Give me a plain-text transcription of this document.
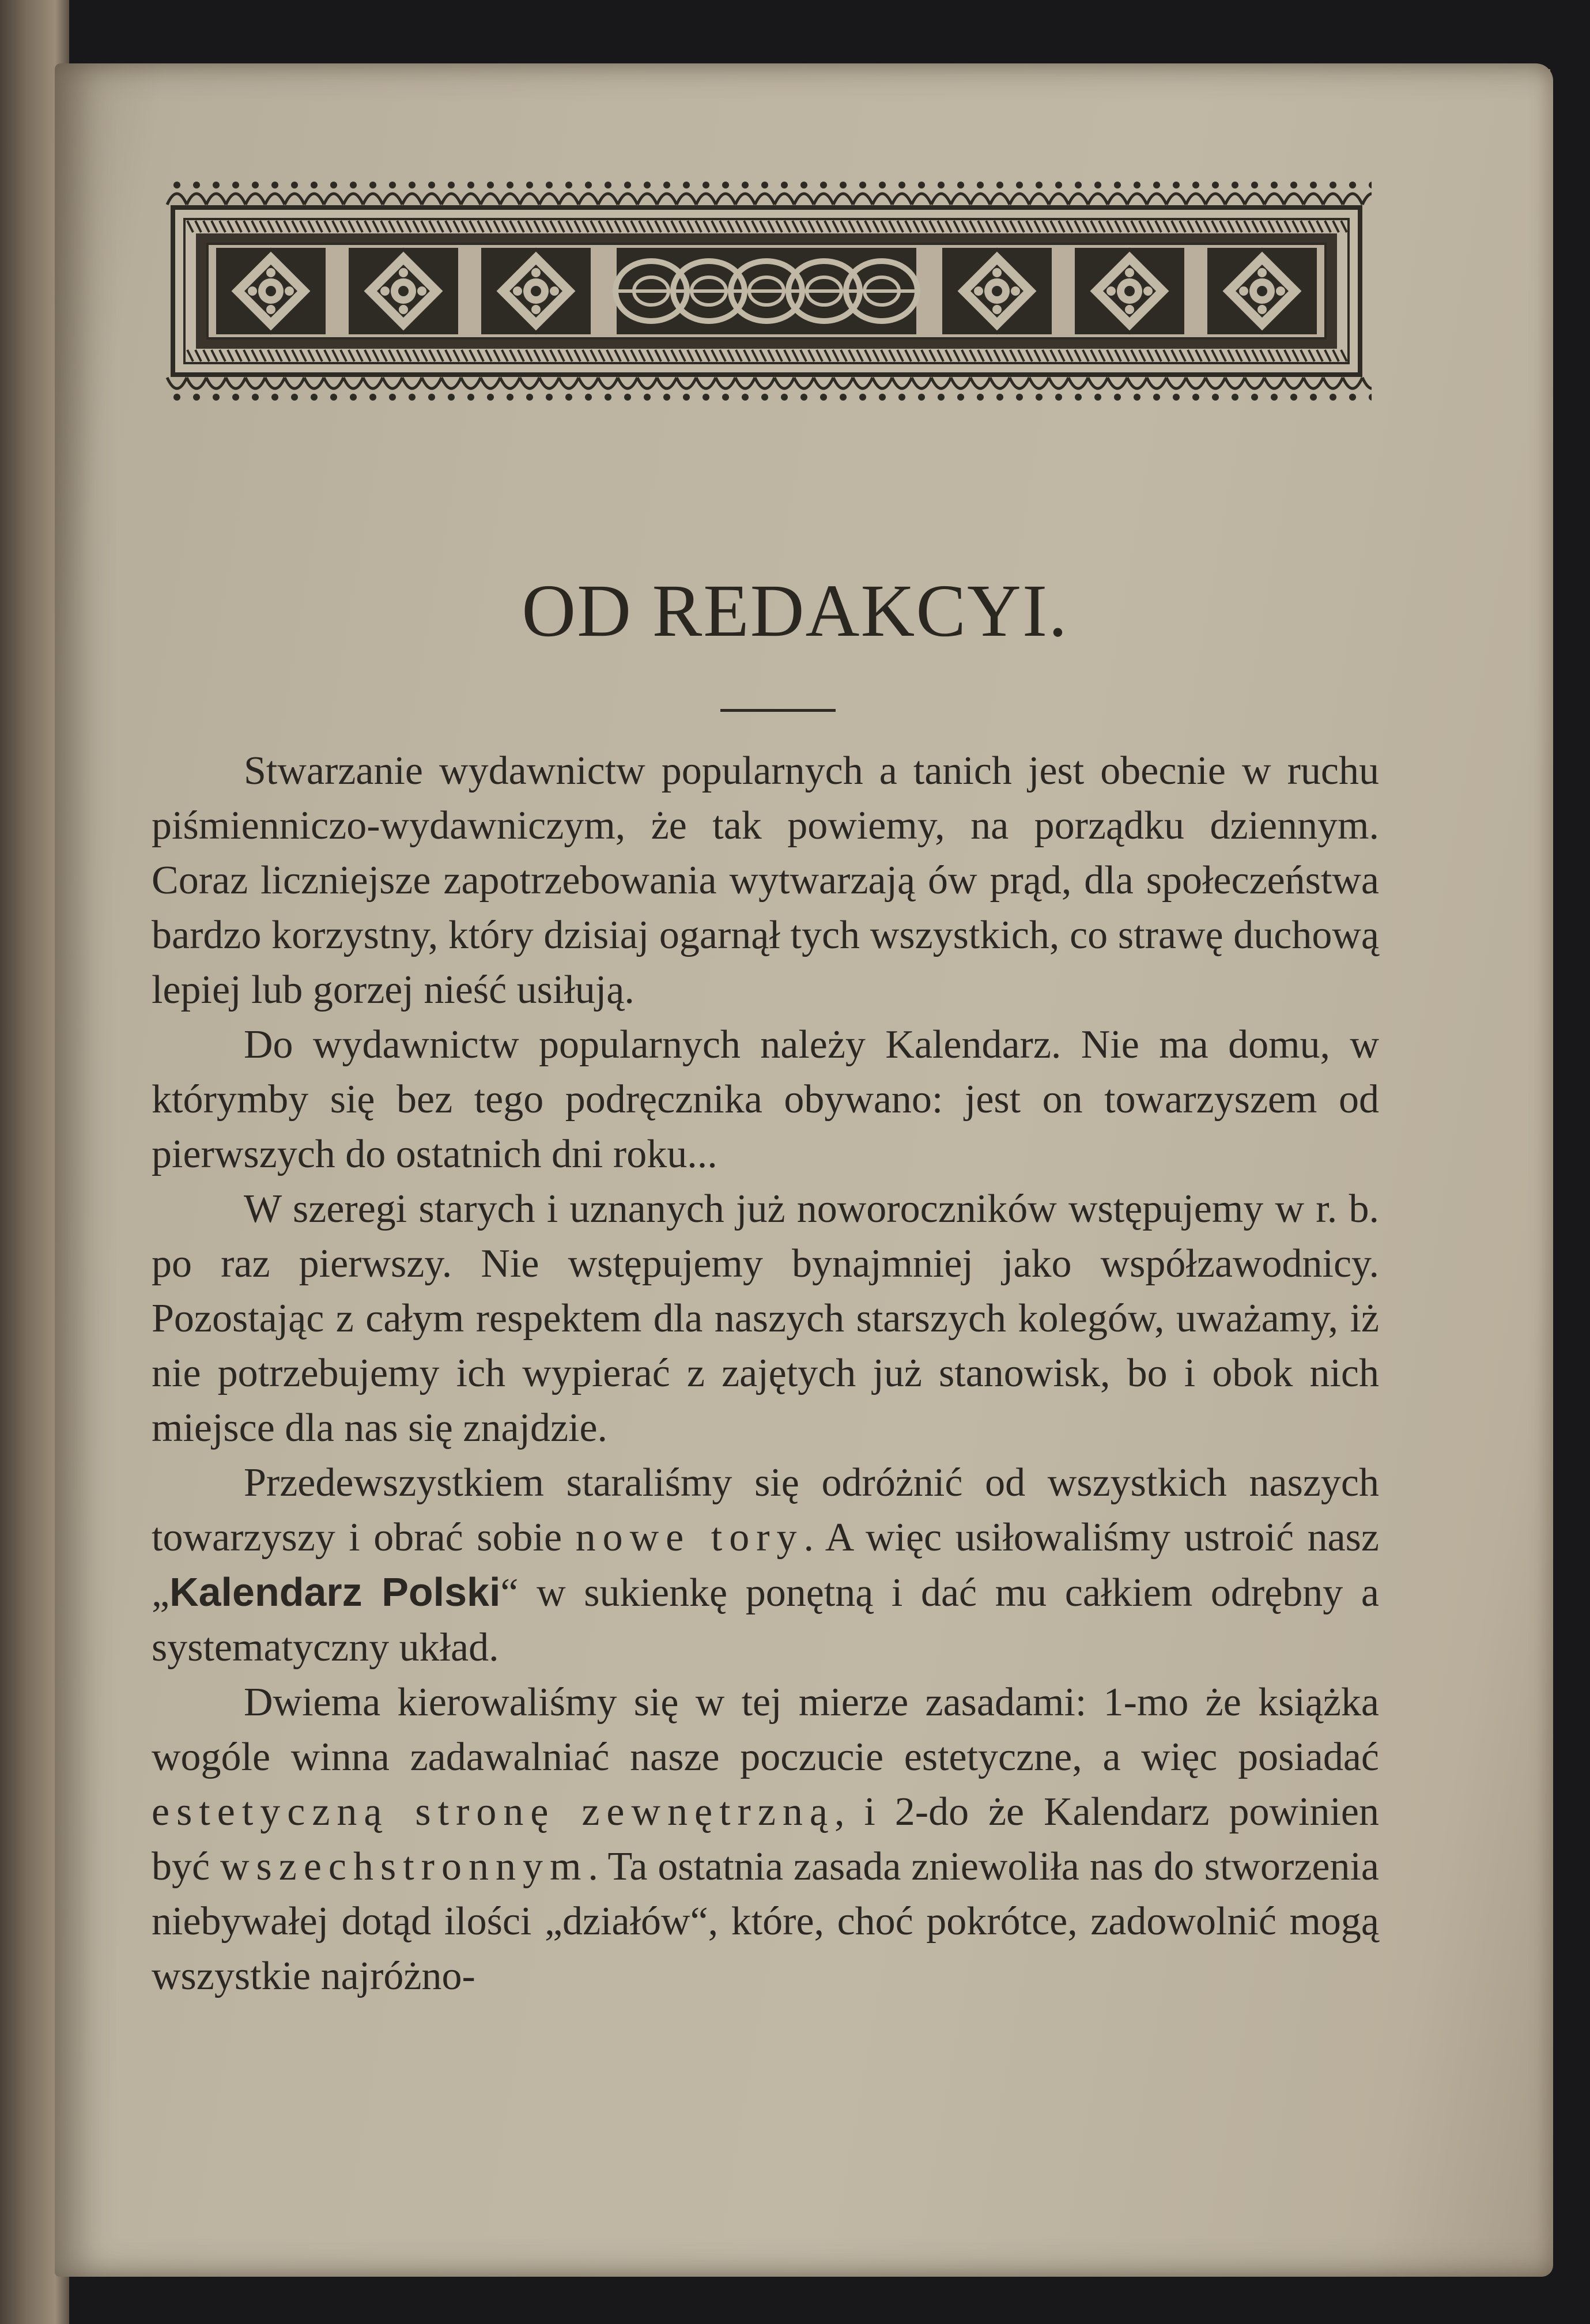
OD REDAKCYI.

Stwarzanie wydawnictw popularnych a tanich jest obecnie w ruchu piśmienniczo-wydawniczym, że tak powiemy, na porządku dziennym. Coraz liczniejsze zapotrzebowania wytwarzają ów prąd, dla społeczeństwa bardzo korzystny, który dzisiaj ogarnął tych wszystkich, co strawę duchową lepiej lub gorzej nieść usiłują.

Do wydawnictw popularnych należy Kalendarz. Nie ma domu, w którymby się bez tego podręcznika obywano: jest on towarzyszem od pierwszych do ostatnich dni roku...

W szeregi starych i uznanych już noworoczników wstępujemy w r. b. po raz pierwszy. Nie wstępujemy bynajmniej jako współzawodnicy. Pozostając z całym respektem dla naszych starszych kolegów, uważamy, iż nie potrzebujemy ich wypierać z zajętych już stanowisk, bo i obok nich miejsce dla nas się znajdzie.

Przedewszystkiem staraliśmy się odróżnić od wszystkich naszych towarzyszy i obrać sobie nowe tory. A więc usiłowaliśmy ustroić nasz „Kalendarz Polski“ w sukienkę ponętną i dać mu całkiem odrębny a systematyczny układ.

Dwiema kierowaliśmy się w tej mierze zasadami: 1-mo że książka wogóle winna zadawalniać nasze poczucie estetyczne, a więc posiadać estetyczną stronę zewnętrzną, i 2-do że Kalendarz powinien być wszechstronnym. Ta ostatnia zasada zniewoliła nas do stworzenia niebywałej dotąd ilości „działów“, które, choć pokrótce, zadowolnić mogą wszystkie najróżno-
